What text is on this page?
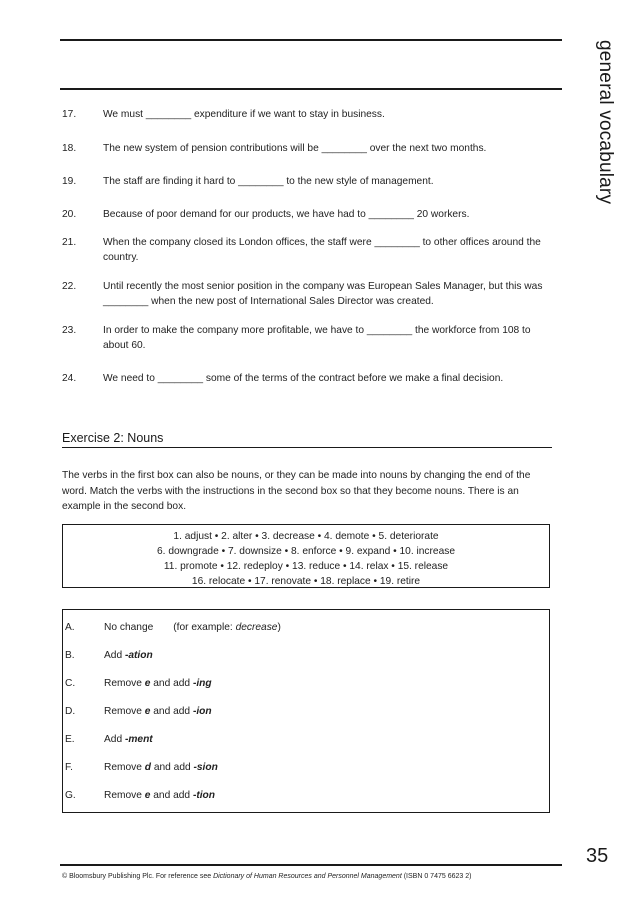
general vocabulary
17.	We must ________ expenditure if we want to stay in business.
18.	The new system of pension contributions will be ________ over the next two months.
19.	The staff are finding it hard to ________ to the new style of management.
20.	Because of poor demand for our products, we have had to ________ 20 workers.
21.	When the company closed its London offices, the staff were ________ to other offices around the country.
22.	Until recently the most senior position in the company was European Sales Manager, but this was ________ when the new post of International Sales Director was created.
23.	In order to make the company more profitable, we have to ________ the workforce from 108 to about 60.
24.	We need to ________ some of the terms of the contract before we make a final decision.
Exercise 2: Nouns
The verbs in the first box can also be nouns, or they can be made into nouns by changing the end of the word. Match the verbs with the instructions in the second box so that they become nouns. There is an example in the second box.
1. adjust • 2. alter • 3. decrease • 4. demote • 5. deteriorate
6. downgrade • 7. downsize • 8. enforce • 9. expand • 10. increase
11. promote • 12. redeploy • 13. reduce • 14. relax • 15. release
16. relocate • 17. renovate • 18. replace • 19. retire
A.	No change (for example: decrease)
B.	Add -ation
C.	Remove e and add -ing
D.	Remove e and add -ion
E.	Add -ment
F.	Remove d and add -sion
G.	Remove e and add -tion
35
© Bloomsbury Publishing Plc. For reference see Dictionary of Human Resources and Personnel Management (ISBN 0 7475 6623 2)
